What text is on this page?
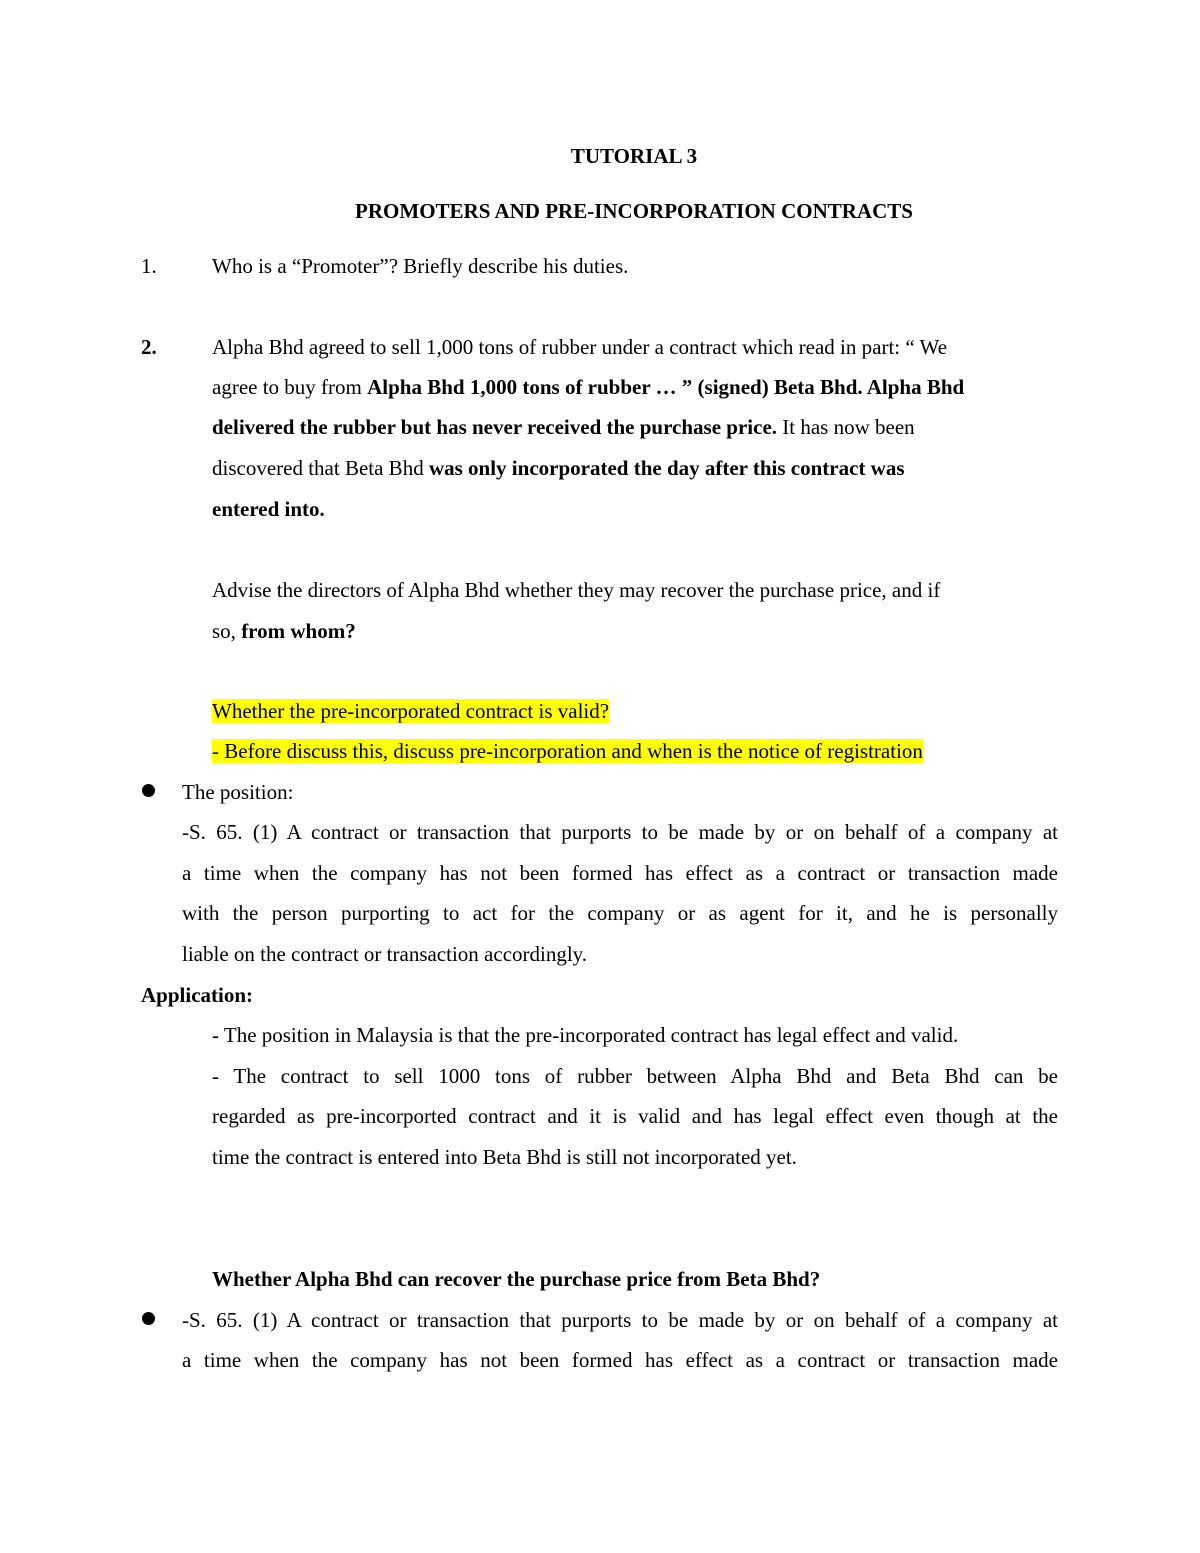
TUTORIAL 3
PROMOTERS AND PRE-INCORPORATION CONTRACTS
1.	Who is a “Promoter”? Briefly describe his duties.
2.	Alpha Bhd agreed to sell 1,000 tons of rubber under a contract which read in part: “ We
agree to buy from Alpha Bhd 1,000 tons of rubber … ” (signed) Beta Bhd. Alpha Bhd
delivered the rubber but has never received the purchase price. It has now been
discovered that Beta Bhd was only incorporated the day after this contract was
entered into.
Advise the directors of Alpha Bhd whether they may recover the purchase price, and if
so, from whom?
Whether the pre-incorporated contract is valid?
- Before discuss this, discuss pre-incorporation and when is the notice of registration
The position:
-S. 65. (1) A contract or transaction that purports to be made by or on behalf of a company at
a time when the company has not been formed has effect as a contract or transaction made
with the person purporting to act for the company or as agent for it, and he is personally
liable on the contract or transaction accordingly.
Application:
- The position in Malaysia is that the pre-incorporated contract has legal effect and valid.
- The contract to sell 1000 tons of rubber between Alpha Bhd and Beta Bhd can be
regarded as pre-incorported contract and it is valid and has legal effect even though at the
time the contract is entered into Beta Bhd is still not incorporated yet.
Whether Alpha Bhd can recover the purchase price from Beta Bhd?
-S. 65. (1) A contract or transaction that purports to be made by or on behalf of a company at
a time when the company has not been formed has effect as a contract or transaction made
